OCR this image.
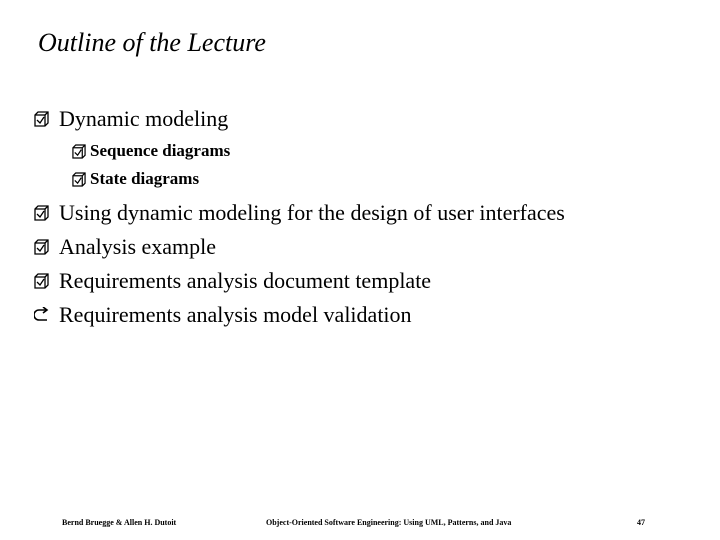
Outline of the Lecture
Dynamic modeling
Sequence diagrams
State diagrams
Using dynamic modeling for the design of user interfaces
Analysis example
Requirements analysis document template
Requirements analysis model validation
Bernd Bruegge & Allen H. Dutoit	Object-Oriented Software Engineering: Using UML, Patterns, and Java	47
